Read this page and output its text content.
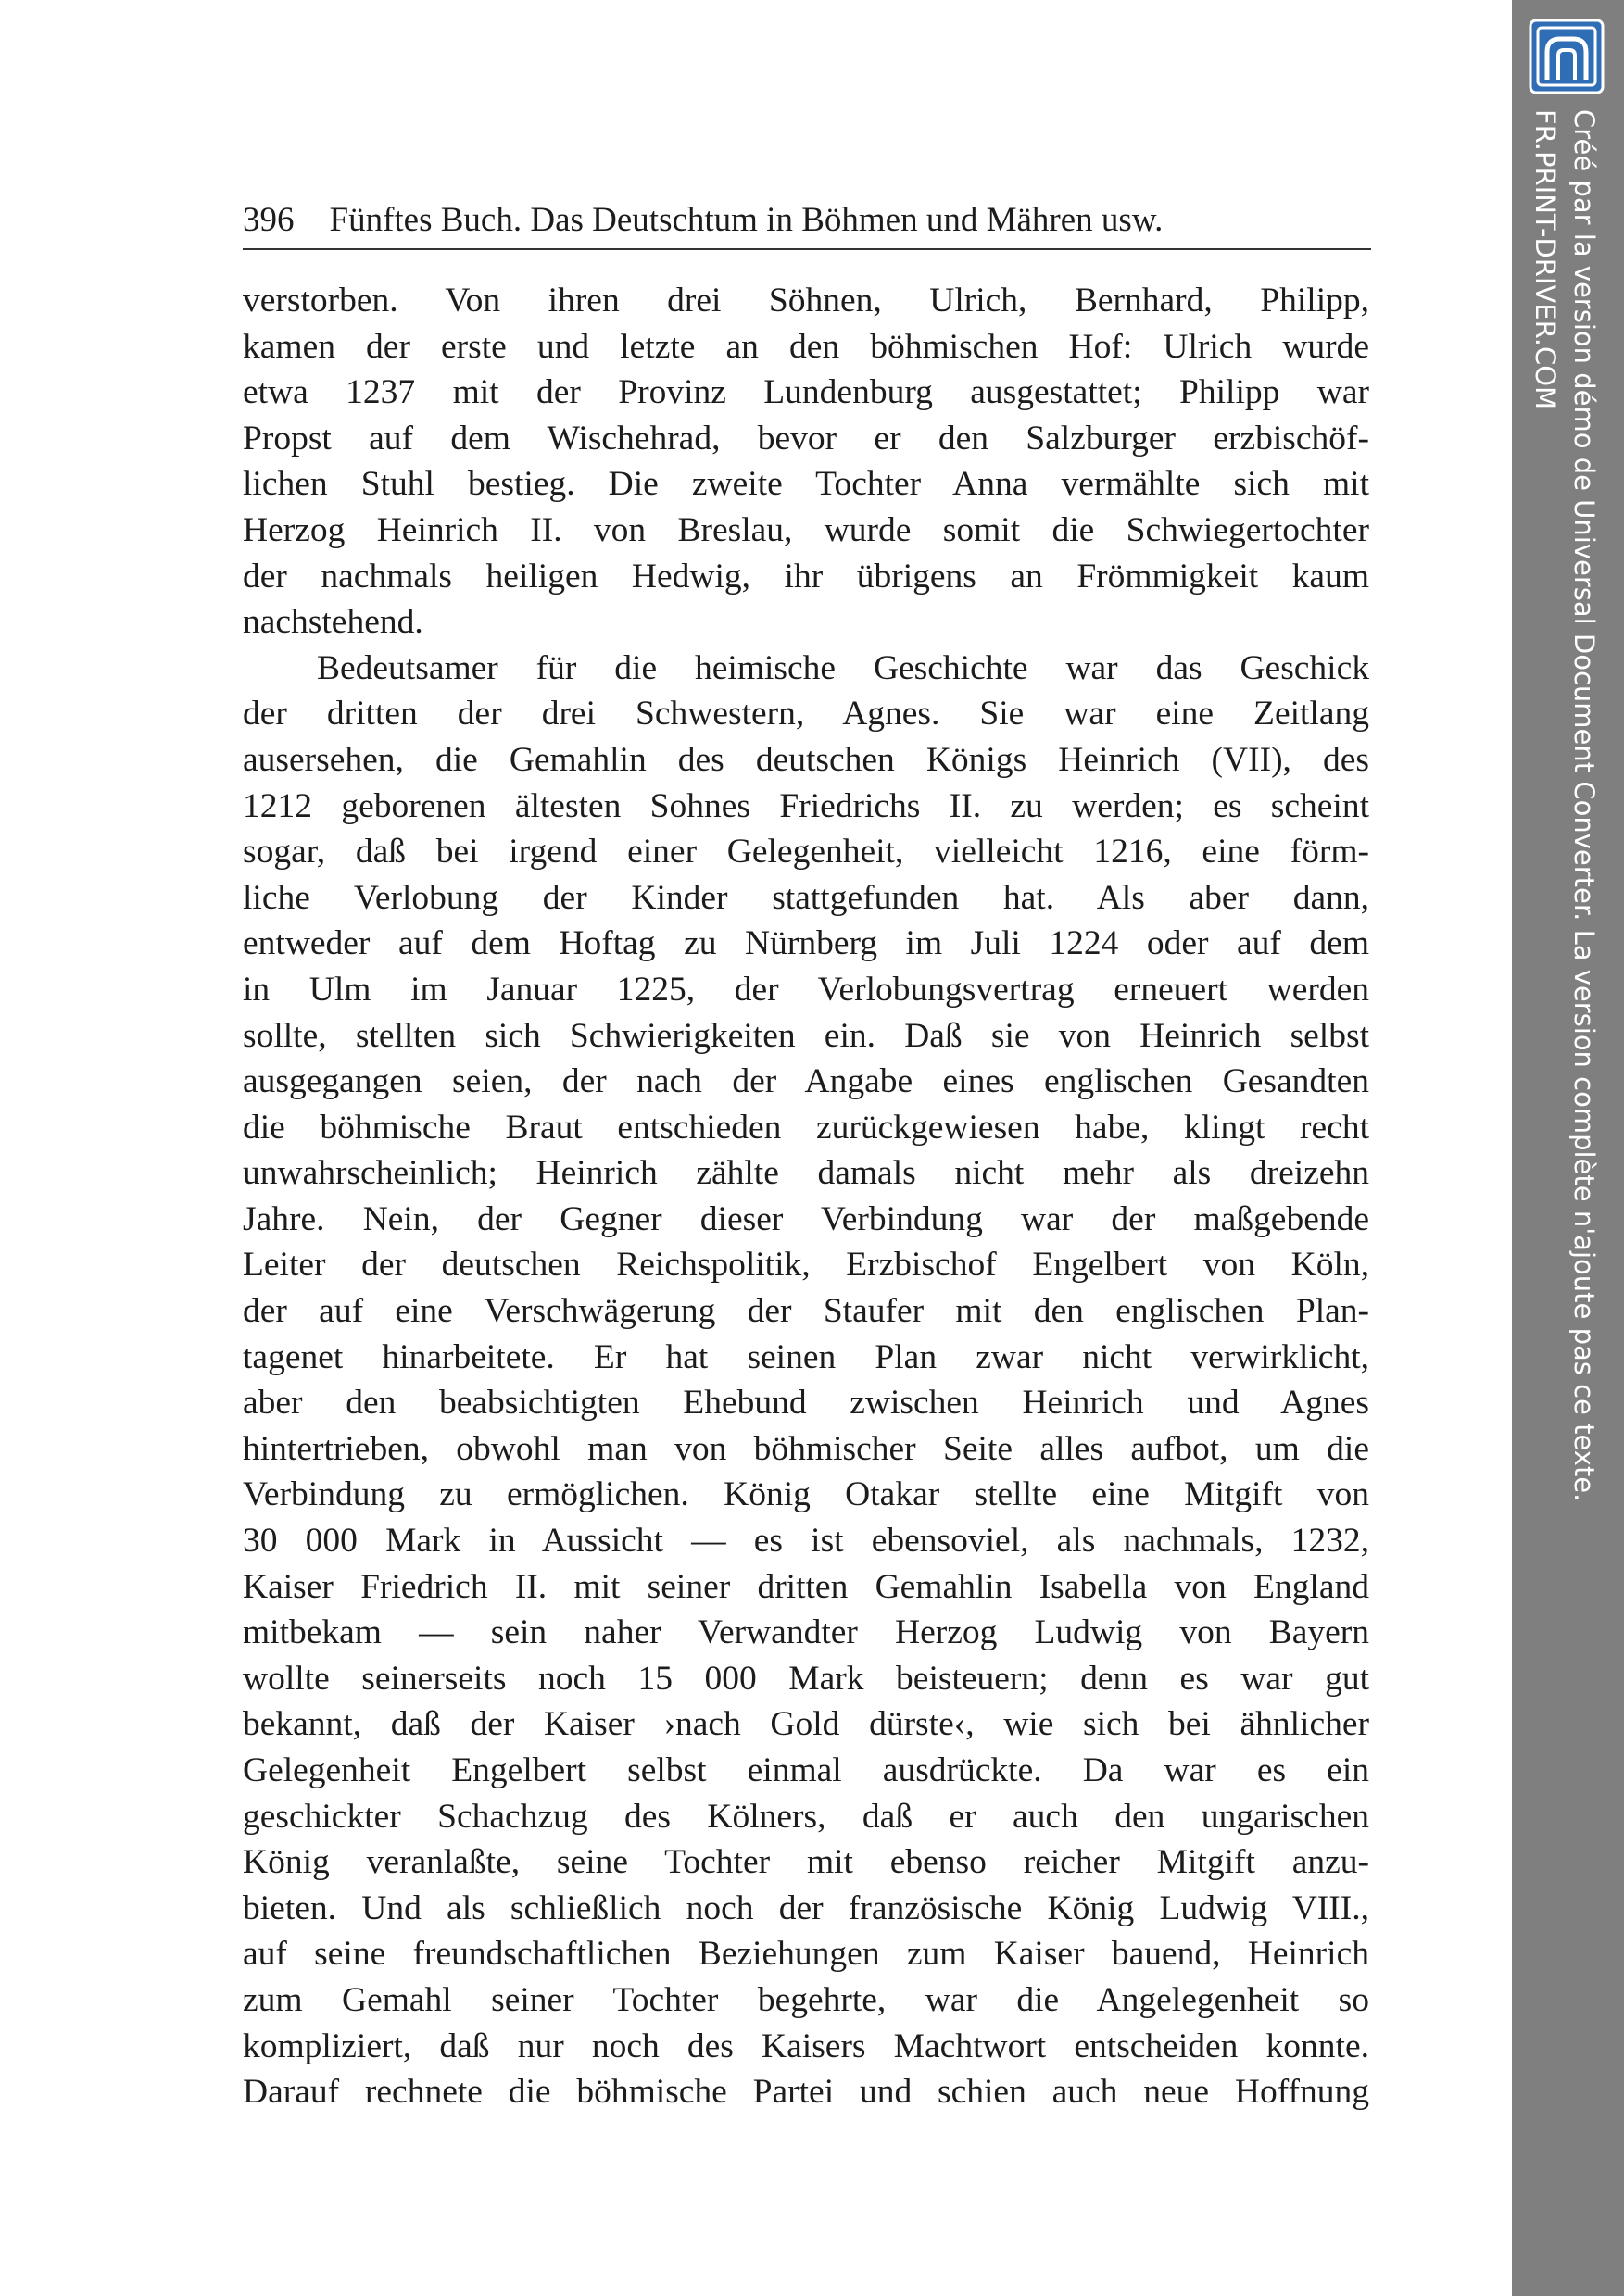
396 Fünftes Buch. Das Deutschtum in Böhmen und Mähren usw.
verstorben. Von ihren drei Söhnen, Ulrich, Bernhard, Philipp,
kamen der erste und letzte an den böhmischen Hof: Ulrich wurde
etwa 1237 mit der Provinz Lundenburg ausgestattet; Philipp war
Propst auf dem Wischehrad, bevor er den Salzburger erzbischöf-
lichen Stuhl bestieg. Die zweite Tochter Anna vermählte sich mit
Herzog Heinrich II. von Breslau, wurde somit die Schwiegertochter
der nachmals heiligen Hedwig, ihr übrigens an Frömmigkeit kaum
nachstehend.
Bedeutsamer für die heimische Geschichte war das Geschick
der dritten der drei Schwestern, Agnes. Sie war eine Zeitlang
ausersehen, die Gemahlin des deutschen Königs Heinrich (VII), des
1212 geborenen ältesten Sohnes Friedrichs II. zu werden; es scheint
sogar, daß bei irgend einer Gelegenheit, vielleicht 1216, eine förm-
liche Verlobung der Kinder stattgefunden hat. Als aber dann,
entweder auf dem Hoftag zu Nürnberg im Juli 1224 oder auf dem
in Ulm im Januar 1225, der Verlobungsvertrag erneuert werden
sollte, stellten sich Schwierigkeiten ein. Daß sie von Heinrich selbst
ausgegangen seien, der nach der Angabe eines englischen Gesandten
die böhmische Braut entschieden zurückgewiesen habe, klingt recht
unwahrscheinlich; Heinrich zählte damals nicht mehr als dreizehn
Jahre. Nein, der Gegner dieser Verbindung war der maßgebende
Leiter der deutschen Reichspolitik, Erzbischof Engelbert von Köln,
der auf eine Verschwägerung der Staufer mit den englischen Plan-
tagenet hinarbeitete. Er hat seinen Plan zwar nicht verwirklicht,
aber den beabsichtigten Ehebund zwischen Heinrich und Agnes
hintertrieben, obwohl man von böhmischer Seite alles aufbot, um die
Verbindung zu ermöglichen. König Otakar stellte eine Mitgift von
30 000 Mark in Aussicht — es ist ebensoviel, als nachmals, 1232,
Kaiser Friedrich II. mit seiner dritten Gemahlin Isabella von England
mitbekam — sein naher Verwandter Herzog Ludwig von Bayern
wollte seinerseits noch 15 000 Mark beisteuern; denn es war gut
bekannt, daß der Kaiser ›nach Gold dürste‹, wie sich bei ähnlicher
Gelegenheit Engelbert selbst einmal ausdrückte. Da war es ein
geschickter Schachzug des Kölners, daß er auch den ungarischen
König veranlaßte, seine Tochter mit ebenso reicher Mitgift anzu-
bieten. Und als schließlich noch der französische König Ludwig VIII.,
auf seine freundschaftlichen Beziehungen zum Kaiser bauend, Heinrich
zum Gemahl seiner Tochter begehrte, war die Angelegenheit so
kompliziert, daß nur noch des Kaisers Machtwort entscheiden konnte.
Darauf rechnete die böhmische Partei und schien auch neue Hoffnung
Créé par la version démo de Universal Document Converter. La version complète n'ajoute pas ce texte.
FR.PRINT-DRIVER.COM
